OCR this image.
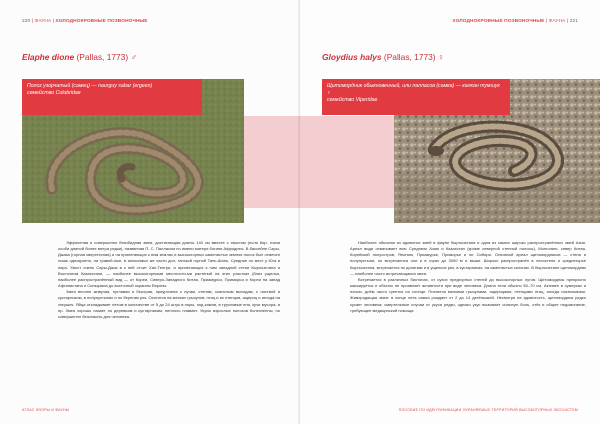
220 | ФАУНА | ХОЛОДНОКРОВНЫЕ ПОЗВОНОЧНЫЕ
Elaphe dione (Pallas, 1773) ♂
Полоз узорчатый (самец) — naurguy sabar (ergeen)
семейство Colubridae

Эффектная и совершенно безобидная змея, достигающая длины 140 см вместе с хвостом (если Кир- гизии особи длиной более метра редки), названная П. С. Палласом по имени матери богини Афродиты. В бассейне Сары-Джаза (горная сверхтесная) и на прилегающих к ним землях и высокогорных каменистых землях полоз был отмечен лишь однократно, на травой-ные, в заносимых же части дол- ганской горной Тянь-Шань. Средние по мест у Юга и наро. Хвост очень Сары-Джаз в к ней стоит Хан-Тенгри, и прилегающих к ним западной степи Кыргызстана и Восточном Казахстане, — наиболее высокогорными местности-ми растений на этих участках (близ ущелья, наиболее распространённый вид — от Кореи, Северо-Западного Китая, Приамурья, Приморья и Кореи на запад Афганистана и Синьцзяна до восточной окраины Европы.

Змея вполне живучая, пугливая и быстрая, приурочена к лугам, степям, скальным выходам, с листвой и кустарником, в полупустынях и по берегам рек. Охотится на мелких грызунов, птиц и их птенцов, ящериц и иногда на лягушек. Яйца откладывает летом в количестве от 5 до 24 штук в норы, под камни, в трухлявые пни, кучи мусора, и пр. Змея хорошо лазает по деревьям и кустарникам, неплохо плавает. Укусы взрослых полозов болезненны, но совершенно безопасны для человека.

АТЛАС ФЛОРЫ И ФАУНЫ
ХОЛОДНОКРОВНЫЕ ПОЗВОНОЧНЫЕ | ФАУНА | 221
Gloydius halys (Pallas, 1773) ♀
Щитомордник обыкновенный, или палласов (самка) — калкан тумшук ♀
семейство Viperidae

Наиболее обычная из ядовитых змей в фауне Кыргызстана и одна из самых широко распространённых змей Азии. Ареал вида охватывает всю Среднюю Азию и Казахстан (кроме северной степной полосы), Монголию, север Китая, Корейский полуостров, Японию, Приамурье, Приморье и юг Сибири. Основной ареал щитомордников — степи и полупустыни, но встречаются они и в горах до 3000 м и выше. Широко распространён в лесостепи и среднегорье Кыргызстана, встречается по долинам и в ущельях рек, в кустарниках, на каменистых склонах. В Кыргызстане щитомордник — наиболее часто встречающаяся змея.

Встречается в различных биотопах, от сухих предгорных степей до высокогорных лугов. Щитомордник прекрасно маскируется и обычно не проявляет активности при виде человека. Длина тела обычно 50–70 см. Активен в сумерках и ночью, днём часто греется на солнце. Питается мелкими грызунами, ящерицами, птенцами птиц, иногда насекомыми. Живородящая змея: в конце лета самка рождает от 2 до 14 детёнышей. Несмотря на ядовитость, щитомордник редко кусает человека; смертельные случаи от укуса редки, однако укус вызывает сильную боль, отёк и общее недомогание, требующее медицинской помощи.

ПОСОБИЕ ПО ИДЕНТИФИКАЦИИ ОХРАНЯЕМЫХ ТЕРРИТОРИЙ ВЫСОКОГОРНЫХ ЭКОСИСТЕМ
